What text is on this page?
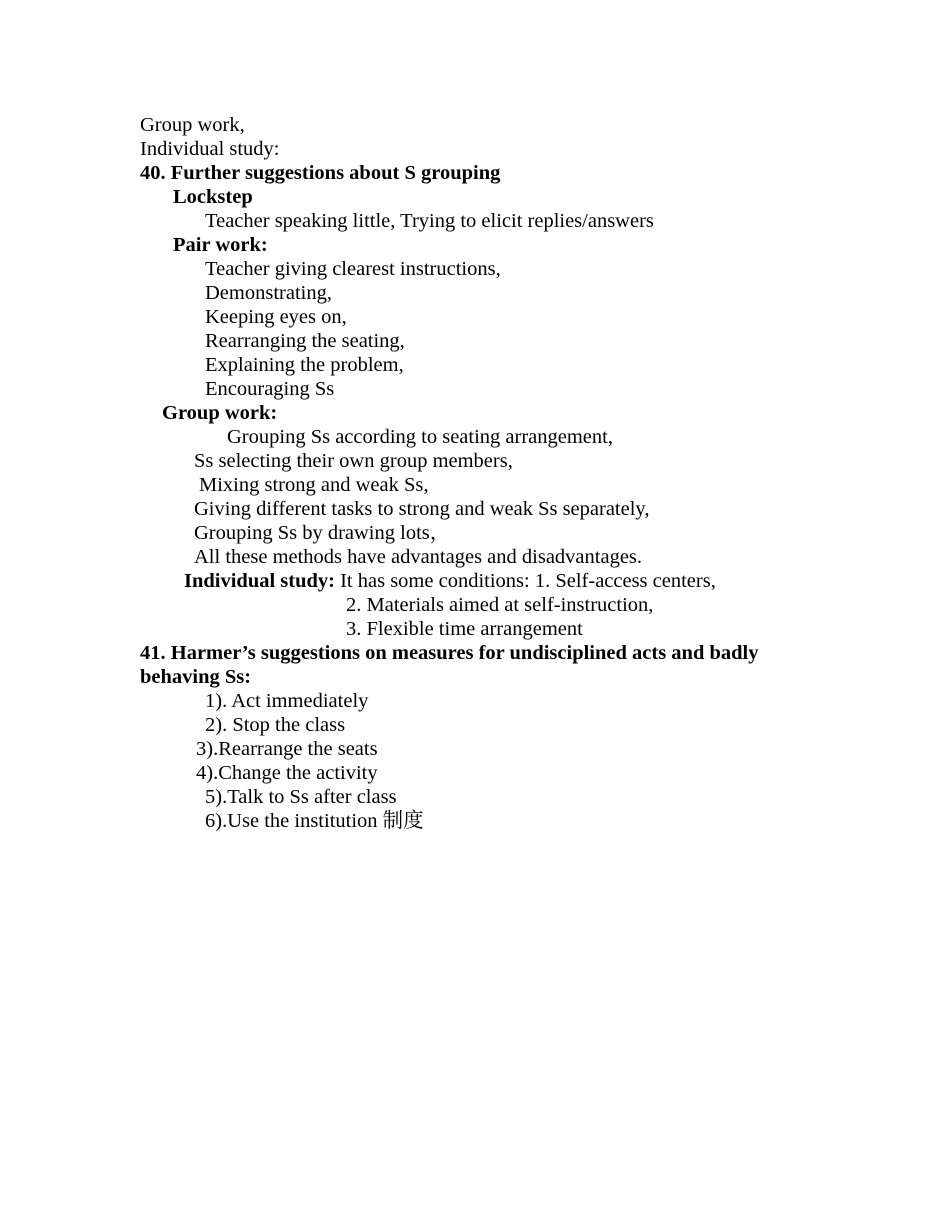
Group work,
Individual study:
40. Further suggestions about S grouping
Lockstep
Teacher speaking little, Trying to elicit replies/answers
Pair work:
Teacher giving clearest instructions,
Demonstrating,
Keeping eyes on,
Rearranging the seating,
Explaining the problem,
Encouraging Ss
Group work:
Grouping Ss according to seating arrangement,
Ss selecting their own group members,
Mixing strong and weak Ss,
Giving different tasks to strong and weak Ss separately,
Grouping Ss by drawing lots，
All these methods have advantages and disadvantages.
Individual study: It has some conditions: 1. Self-access centers,
2. Materials aimed at self-instruction,
3. Flexible time arrangement
41. Harmer’s suggestions on measures for undisciplined acts and badly
behaving Ss:
1). Act immediately
2). Stop the class
3).Rearrange the seats
4).Change the activity
5).Talk to Ss after class
6).Use the institution 制度
